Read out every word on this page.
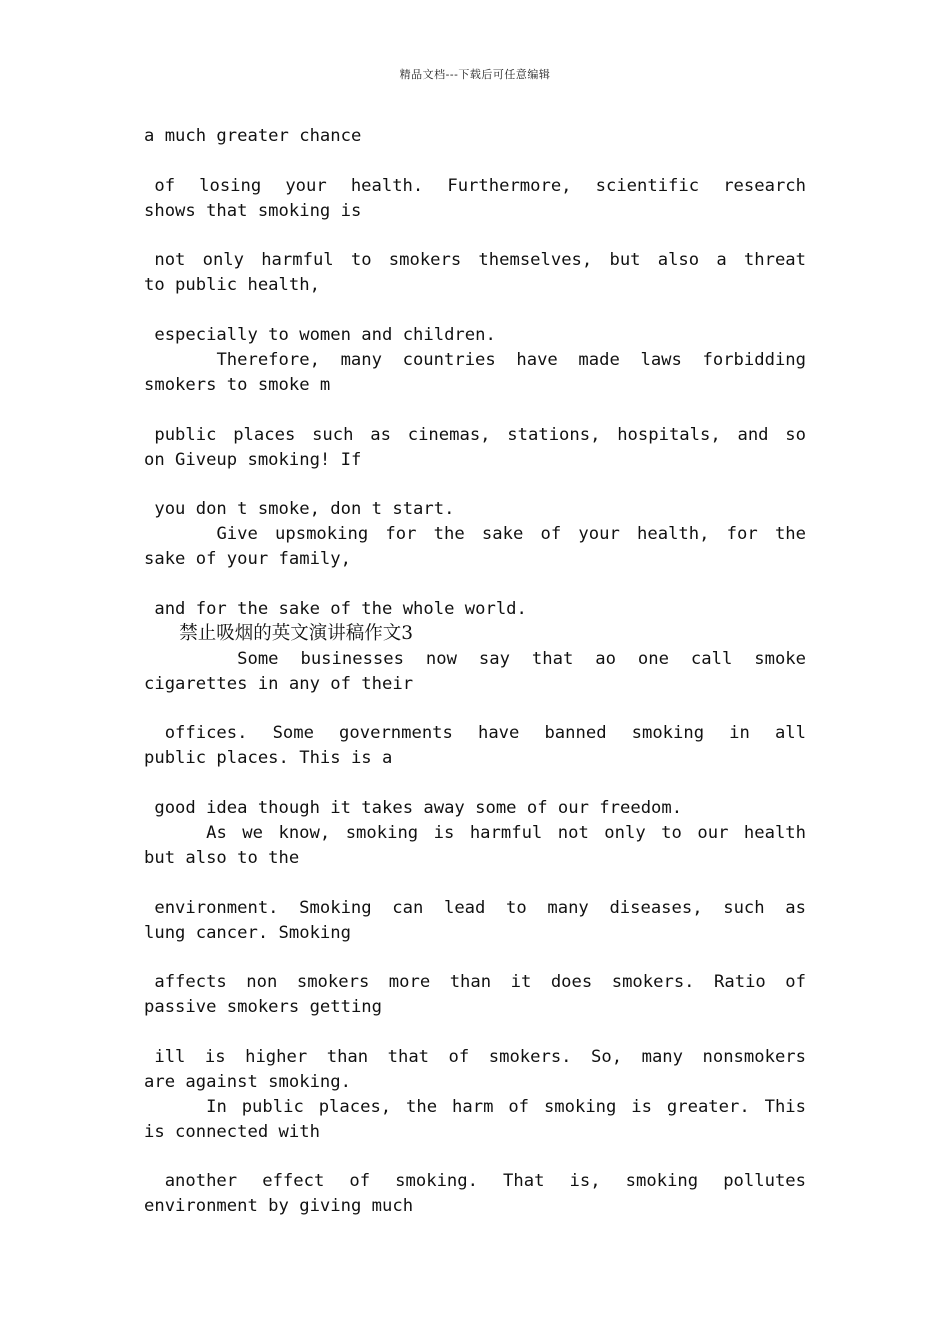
精品文档---下载后可任意编辑
a much greater chance
of losing your health. Furthermore, scientific research
shows that smoking is
not only harmful to smokers themselves, but also a threat
to public health,
especially to women and children.
Therefore, many countries have made laws forbidding
smokers to smoke m
public places such as cinemas, stations, hospitals, and so
on Giveup smoking! If
you don t smoke, don t start.
Give upsmoking for the sake of your health, for the
sake of your family,
and for the sake of the whole world.
禁止吸烟的英文演讲稿作文3
Some businesses now say that ao one call smoke
cigarettes in any of their
offices. Some governments have banned smoking in all
public places. This is a
good idea though it takes away some of our freedom.
As we know, smoking is harmful not only to our health
but also to the
environment. Smoking can lead to many diseases, such as
lung cancer. Smoking
affects non smokers more than it does smokers. Ratio of
passive smokers getting
ill is higher than that of smokers. So, many nonsmokers
are against smoking.
In public places, the harm of smoking is greater. This
is connected with
another effect of smoking. That is, smoking pollutes
environment by giving much
